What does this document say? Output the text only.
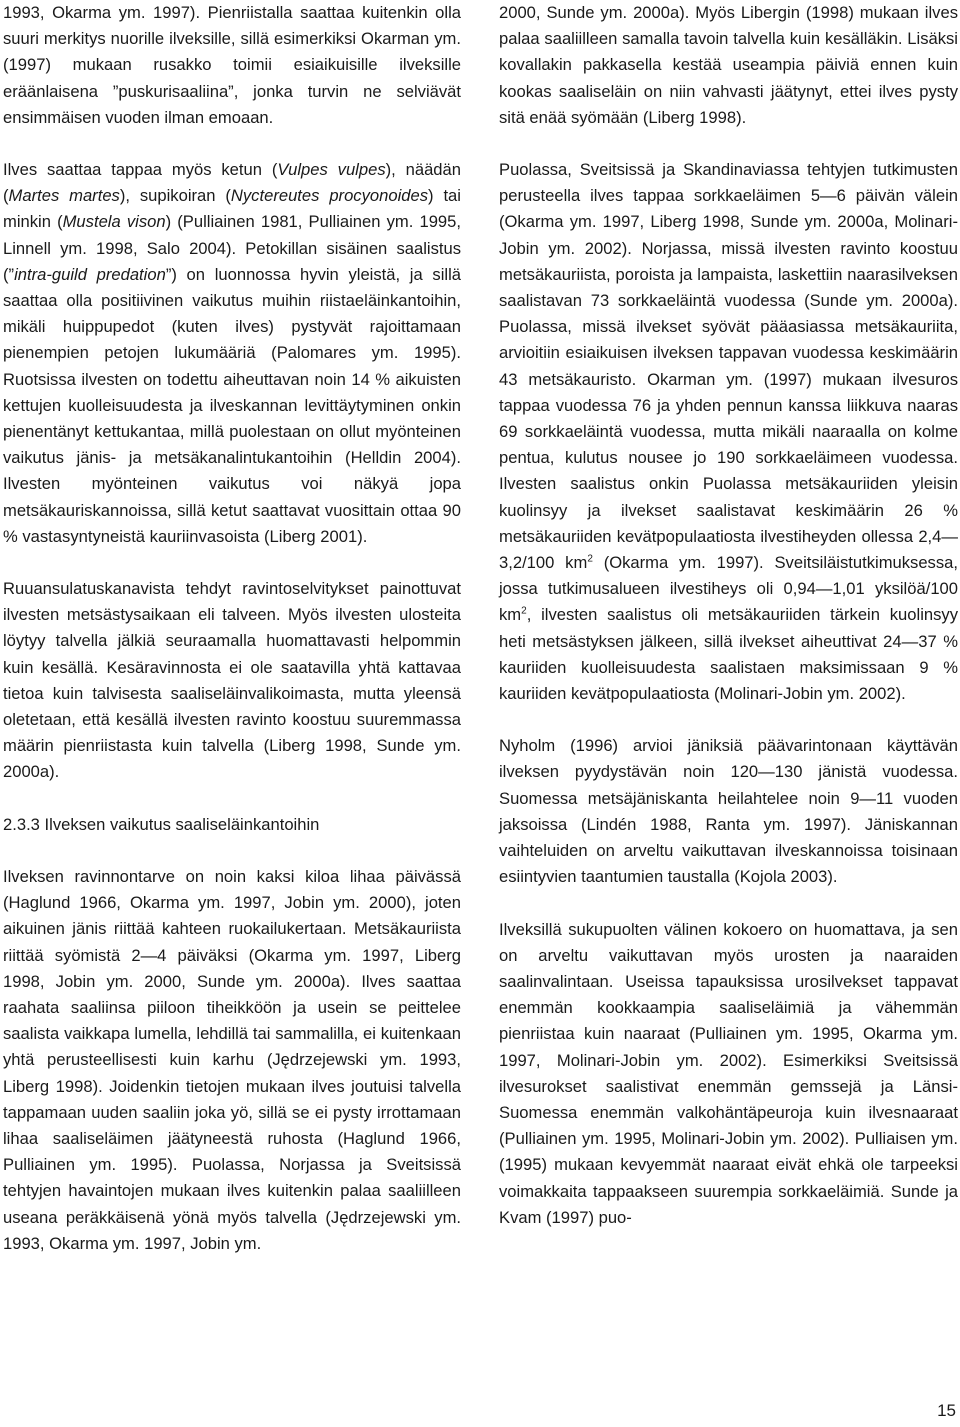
1993, Okarma ym. 1997). Pienriistalla saattaa kuitenkin olla suuri merkitys nuorille ilveksille, sillä esimerkiksi Okarman ym. (1997) mukaan rusakko toimii esiaikuisille ilveksille eräänlaisena ”puskurisaaliina”, jonka turvin ne selviävät ensimmäisen vuoden ilman emoaan.

Ilves saattaa tappaa myös ketun (Vulpes vulpes), näädän (Martes martes), supikoiran (Nyctereutes procyonoides) tai minkin (Mustela vison) (Pulliainen 1981, Pulliainen ym. 1995, Linnell ym. 1998, Salo 2004). Petokillan sisäinen saalistus (”intra-guild predation”) on luonnossa hyvin yleistä, ja sillä saattaa olla positiivinen vaikutus muihin riistaeläinkantoihin, mikäli huippupedot (kuten ilves) pystyvät rajoittamaan pienempien petojen lukumääriä (Palomares ym. 1995). Ruotsissa ilvesten on todettu aiheuttavan noin 14 % aikuisten kettujen kuolleisuudesta ja ilveskannan levittäytyminen onkin pienentänyt kettukantaa, millä puolestaan on ollut myönteinen vaikutus jänis- ja metsäkanalintukantoihin (Helldin 2004). Ilvesten myönteinen vaikutus voi näkyä jopa metsäkauriskannoissa, sillä ketut saattavat vuosittain ottaa 90 % vastasyntyneistä kauriinvasoista (Liberg 2001).

Ruuansulatuskanavista tehdyt ravintoselvitykset painottuvat ilvesten metsästysaikaan eli talveen. Myös ilvesten ulosteita löytyy talvella jälkiä seuraamalla huomattavasti helpommin kuin kesällä. Kesäravinnosta ei ole saatavilla yhtä kattavaa tietoa kuin talvisesta saaliseläinvalikoimasta, mutta yleensä oletetaan, että kesällä ilvesten ravinto koostuu suuremmassa määrin pienriistasta kuin talvella (Liberg 1998, Sunde ym. 2000a).

2.3.3 Ilveksen vaikutus saaliseläinkantoihin

Ilveksen ravinnontarve on noin kaksi kiloa lihaa päivässä (Haglund 1966, Okarma ym. 1997, Jobin ym. 2000), joten aikuinen jänis riittää kahteen ruokailukertaan. Metsäkauriista riittää syömistä 2—4 päiväksi (Okarma ym. 1997, Liberg 1998, Jobin ym. 2000, Sunde ym. 2000a). Ilves saattaa raahata saaliinsa piiloon tiheikköön ja usein se peittelee saalista vaikkapa lumella, lehdillä tai sammalilla, ei kuitenkaan yhtä perusteellisesti kuin karhu (Jędrzejewski ym. 1993, Liberg 1998). Joidenkin tietojen mukaan ilves joutuisi talvella tappamaan uuden saaliin joka yö, sillä se ei pysty irrottamaan lihaa saaliseläimen jäätyneestä ruhosta (Haglund 1966, Pulliainen ym. 1995). Puolassa, Norjassa ja Sveitsissä tehtyjen havaintojen mukaan ilves kuitenkin palaa saaliilleen useana peräkkäisenä yönä myös talvella (Jędrzejewski ym. 1993, Okarma ym. 1997, Jobin ym.

2000, Sunde ym. 2000a). Myös Libergin (1998) mukaan ilves palaa saaliilleen samalla tavoin talvella kuin kesälläkin. Lisäksi kovallakin pakkasella kestää useampia päiviä ennen kuin kookas saaliseläin on niin vahvasti jäätynyt, ettei ilves pysty sitä enää syömään (Liberg 1998).

Puolassa, Sveitsissä ja Skandinaviassa tehtyjen tutkimusten perusteella ilves tappaa sorkkaeläimen 5—6 päivän välein (Okarma ym. 1997, Liberg 1998, Sunde ym. 2000a, Molinari-Jobin ym. 2002). Norjassa, missä ilvesten ravinto koostuu metsäkauriista, poroista ja lampaista, laskettiin naarasilveksen saalistavan 73 sorkkaeläintä vuodessa (Sunde ym. 2000a). Puolassa, missä ilvekset syövät pääasiassa metsäkauriita, arvioitiin esiaikuisen ilveksen tappavan vuodessa keskimäärin 43 metsäkauristo. Okarman ym. (1997) mukaan ilvesuros tappaa vuodessa 76 ja yhden pennun kanssa liikkuva naaras 69 sorkkaeläintä vuodessa, mutta mikäli naaraalla on kolme pentua, kulutus nousee jo 190 sorkkaeläimeen vuodessa. Ilvesten saalistus onkin Puolassa metsäkauriiden yleisin kuolinsyy ja ilvekset saalistavat keskimäärin 26 % metsäkauriiden kevätpopulaatiosta ilvestiheyden ollessa 2,4—3,2/100 $km^2$ (Okarma ym. 1997). Sveitsiläistutkimuksessa, jossa tutkimusalueen ilvestiheys oli 0,94—1,01 yksilöä/100 $km^2$, ilvesten saalistus oli metsäkauriiden tärkein kuolinsyy heti metsästyksen jälkeen, sillä ilvekset aiheuttivat 24—37 % kauriiden kuolleisuudesta saalistaen maksimissaan 9 % kauriiden kevätpopulaatiosta (Molinari-Jobin ym. 2002).

Nyholm (1996) arvioi jäniksiä päävarintonaan käyttävän ilveksen pyydystävän noin 120—130 jänistä vuodessa. Suomessa metsäjäniskanta heilahtelee noin 9—11 vuoden jaksoissa (Lindén 1988, Ranta ym. 1997). Jäniskannan vaihteluiden on arveltu vaikuttavan ilveskannoissa toisinaan esiintyvien taantumien taustalla (Kojola 2003).

Ilveksillä sukupuolten välinen kokoero on huomattava, ja sen on arveltu vaikuttavan myös urosten ja naaraiden saalinvalintaan. Useissa tapauksissa urosilvekset tappavat enemmän kookkaampia saaliseläimiä ja vähemmän pienriistaa kuin naaraat (Pulliainen ym. 1995, Okarma ym. 1997, Molinari-Jobin ym. 2002). Esimerkiksi Sveitsissä ilvesurokset saalistivat enemmän gemssejä ja Länsi-Suomessa enemmän valkohäntäpeuroja kuin ilvesnaaraat (Pulliainen ym. 1995, Molinari-Jobin ym. 2002). Pulliaisen ym. (1995) mukaan kevyemmät naaraat eivät ehkä ole tarpeeksi voimakkaita tappaakseen suurempia sorkkaeläimiä. Sunde ja Kvam (1997) puo-

15
